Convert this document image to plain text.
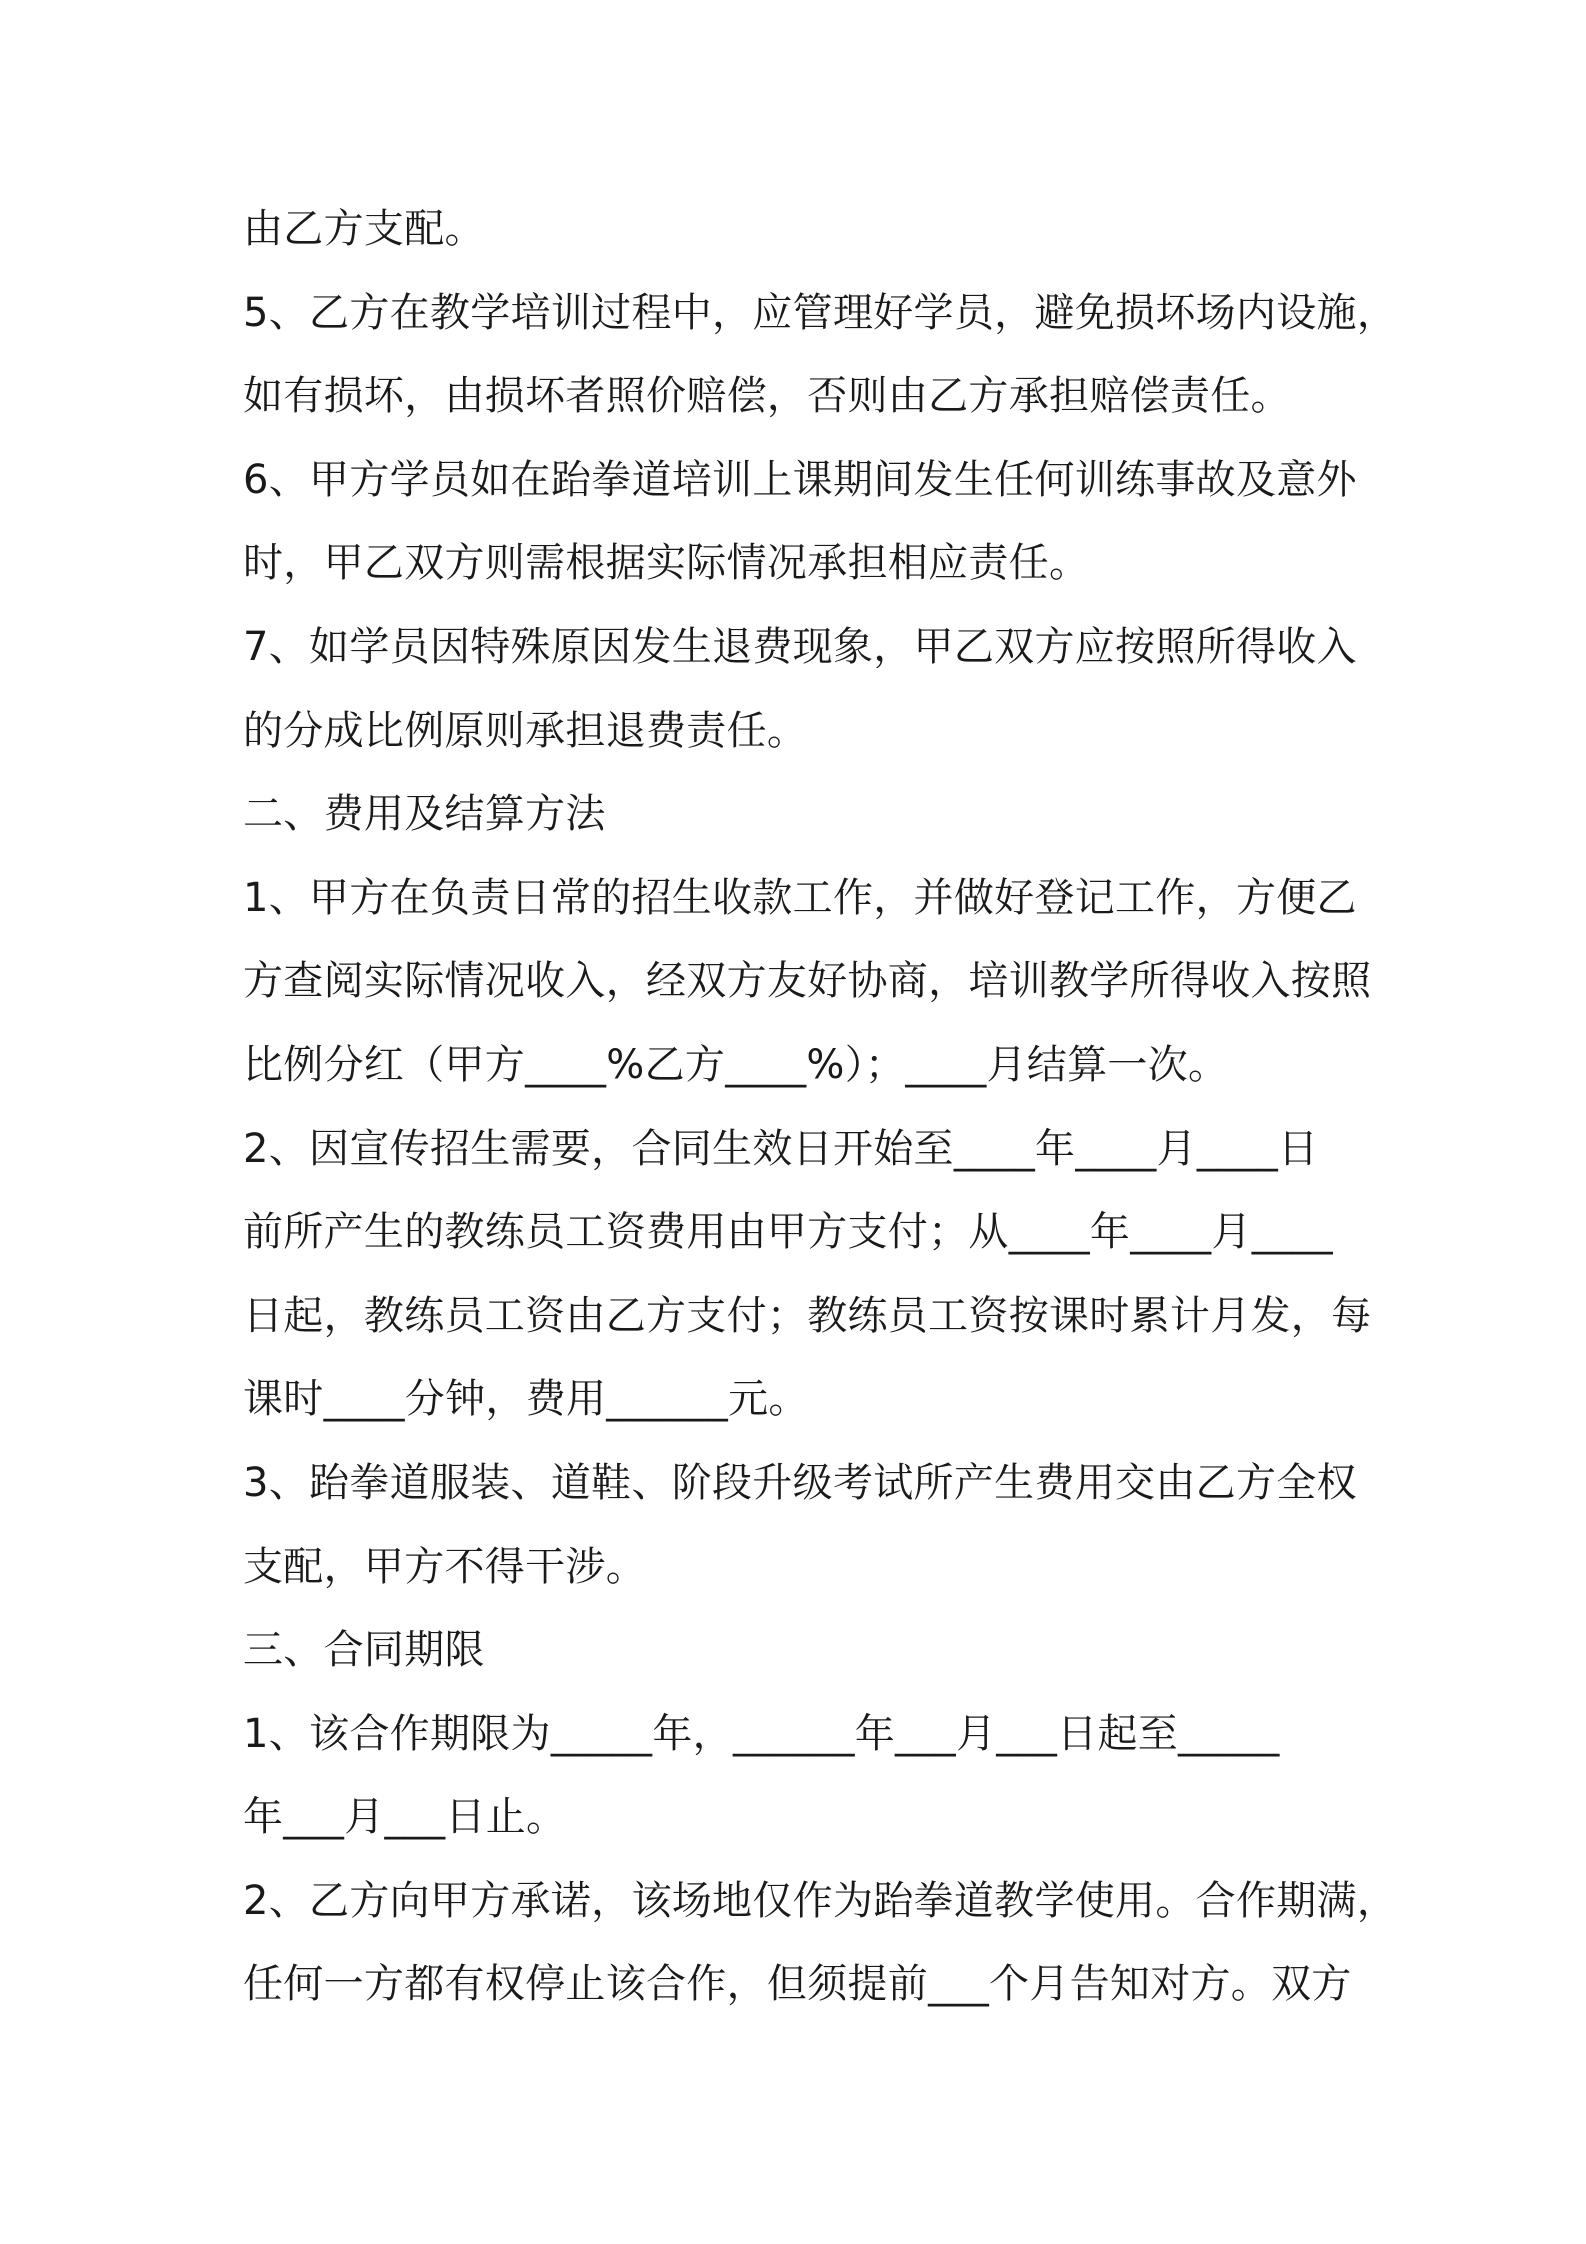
由乙方支配。
5、乙方在教学培训过程中，应管理好学员，避免损坏场内设施，
如有损坏，由损坏者照价赔偿，否则由乙方承担赔偿责任。
6、甲方学员如在跆拳道培训上课期间发生任何训练事故及意外
时，甲乙双方则需根据实际情况承担相应责任。
7、如学员因特殊原因发生退费现象，甲乙双方应按照所得收入
的分成比例原则承担退费责任。
二、费用及结算方法
1、甲方在负责日常的招生收款工作，并做好登记工作，方便乙
方查阅实际情况收入，经双方友好协商，培训教学所得收入按照
比例分红（甲方____%乙方____%）；____月结算一次。
2、因宣传招生需要，合同生效日开始至____年____月____日
前所产生的教练员工资费用由甲方支付；从____年____月____
日起，教练员工资由乙方支付；教练员工资按课时累计月发，每
课时____分钟，费用______元。
3、跆拳道服装、道鞋、阶段升级考试所产生费用交由乙方全权
支配，甲方不得干涉。
三、合同期限
1、该合作期限为_____年，______年___月___日起至_____
年___月___日止。
2、乙方向甲方承诺，该场地仅作为跆拳道教学使用。合作期满，
任何一方都有权停止该合作，但须提前___个月告知对方。双方
